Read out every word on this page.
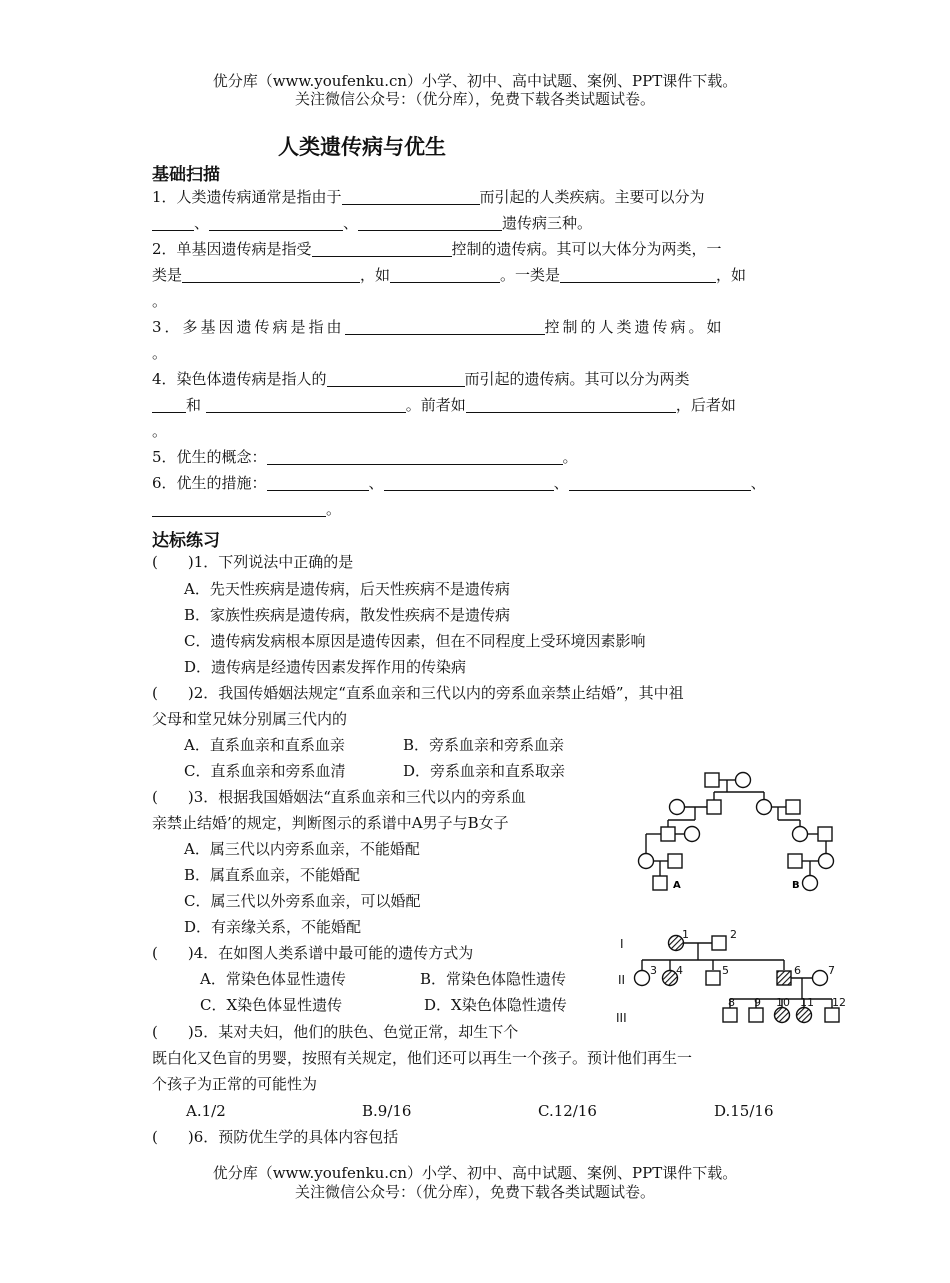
优分库（www.youfenku.cn）小学、初中、高中试题、案例、PPT课件下载。
关注微信公众号：（优分库），免费下载各类试题试卷。
人类遗传病与优生
基础扫描
1．人类遗传病通常是指由于	而引起的人类疾病。主要可以分为
、	、	遗传病三种。
2．单基因遗传病是指受	控制的遗传病。其可以大体分为两类，一
类是	，如	。一类是	，如
。
3．多基因遗传病是指由	控制的人类遗传病。如
。
4．染色体遗传病是指人的	而引起的遗传病。其可以分为两类
和	。前者如	，后者如
。
5．优生的概念：	。
6．优生的措施：	、	、	、
。
达标练习
(　　)1．下列说法中正确的是
A．先天性疾病是遗传病，后天性疾病不是遗传病
B．家族性疾病是遗传病，散发性疾病不是遗传病
C．遗传病发病根本原因是遗传因素，但在不同程度上受环境因素影响
D．遗传病是经遗传因素发挥作用的传染病
(　　)2．我国传婚姻法规定“直系血亲和三代以内的旁系血亲禁止结婚”，其中祖
父母和堂兄妹分别属三代内的
A．直系血亲和直系血亲	B．旁系血亲和旁系血亲
C．直系血亲和旁系血清	D．旁系血亲和直系取亲
(　　)3．根据我国婚姻法“直系血亲和三代以内的旁系血
亲禁止结婚’的规定，判断图示的系谱中A男子与B女子
A．属三代以内旁系血亲，不能婚配
B．属直系血亲，不能婚配
C．属三代以外旁系血亲，可以婚配
D．有亲缘关系，不能婚配
A	B
(　　)4．在如图人类系谱中最可能的遗传方式为
A．常染色体显性遗传	B．常染色体隐性遗传
C．X染色体显性遗传	D．X染色体隐性遗传
I
II
III
1	2
3 4	5	6 7
8 9 10 11 12
(　　)5．某对夫妇，他们的肤色、色觉正常，却生下个
既白化又色盲的男婴，按照有关规定，他们还可以再生一个孩子。预计他们再生一
个孩子为正常的可能性为
A.1/2	B.9/16	C.12/16	D.15/16
(　　)6．预防优生学的具体内容包括
优分库（www.youfenku.cn）小学、初中、高中试题、案例、PPT课件下载。
关注微信公众号：（优分库），免费下载各类试题试卷。
